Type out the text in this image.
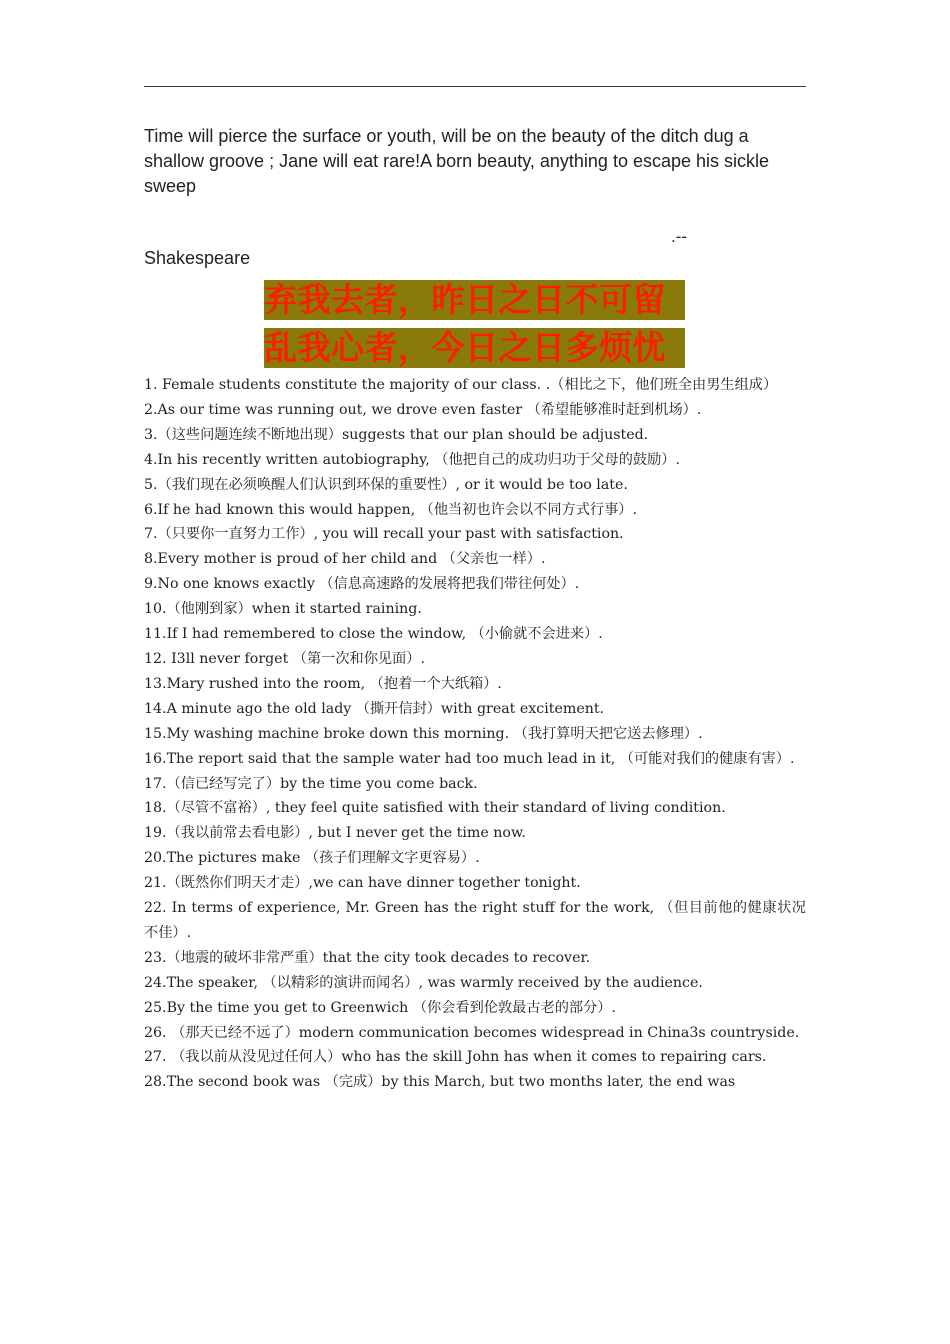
Time will pierce the surface or youth, will be on the beauty of the ditch dug a shallow groove ; Jane will eat rare!A born beauty, anything to escape his sickle sweep
.--
Shakespeare
弃我去者，昨日之日不可留
乱我心者，今日之日多烦忧

1. Female students constitute the majority of our class. .（相比之下，他们班全由男生组成）

2.As our time was running out, we drove even faster （希望能够准时赶到机场）.

3.（这些问题连续不断地出现）suggests that our plan should be adjusted.

4.In his recently written autobiography, （他把自己的成功归功于父母的鼓励）.

5.（我们现在必须唤醒人们认识到环保的重要性）, or it would be too late.

6.If he had known this would happen, （他当初也许会以不同方式行事）.

7.（只要你一直努力工作）, you will recall your past with satisfaction.

8.Every mother is proud of her child and （父亲也一样）.

9.No one knows exactly （信息高速路的发展将把我们带往何处）.

10.（他刚到家）when it started raining.

11.If I had remembered to close the window, （小偷就不会进来）.

12. I3ll never forget （第一次和你见面）.

13.Mary rushed into the room, （抱着一个大纸箱）.

14.A minute ago the old lady （撕开信封）with great excitement.

15.My washing machine broke down this morning. （我打算明天把它送去修理）.

16.The report said that the sample water had too much lead in it, （可能对我们的健康有害）.

17.（信已经写完了）by the time you come back.

18.（尽管不富裕）, they feel quite satisfied with their standard of living condition.

19.（我以前常去看电影）, but I never get the time now.

20.The pictures make （孩子们理解文字更容易）.

21.（既然你们明天才走）,we can have dinner together tonight.

22. In terms of experience, Mr. Green has the right stuff for the work, （但目前他的健康状况不佳）.

23.（地震的破坏非常严重）that the city took decades to recover.

24.The speaker, （以精彩的演讲而闻名）, was warmly received by the audience.

25.By the time you get to Greenwich （你会看到伦敦最古老的部分）.

26. （那天已经不远了）modern communication becomes widespread in China3s countryside.

27. （我以前从没见过任何人）who has the skill John has when it comes to repairing cars.

28.The second book was （完成）by this March, but two months later, the end was
